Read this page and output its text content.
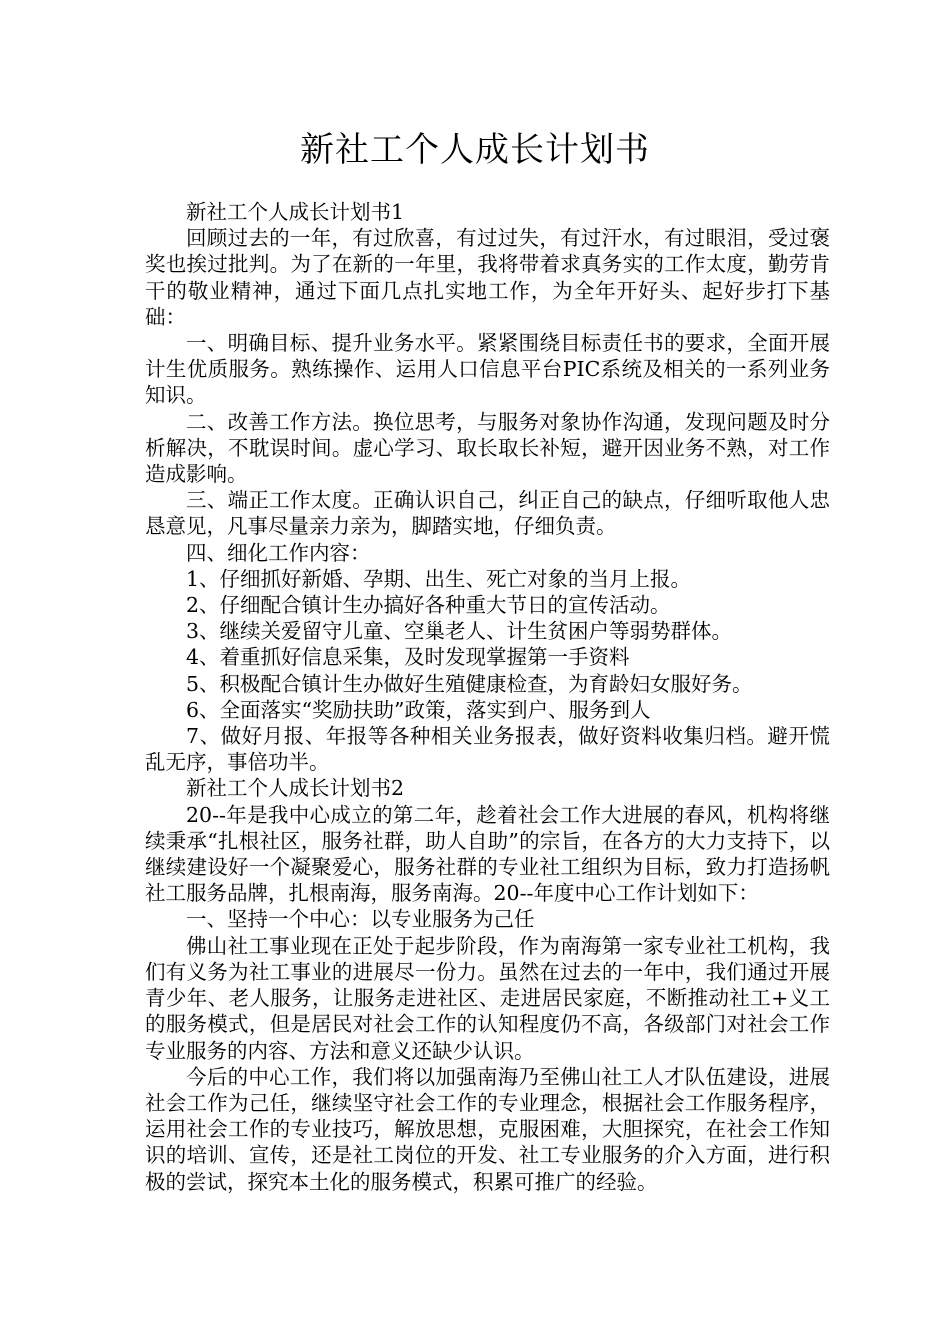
新社工个人成长计划书

新社工个人成长计划书1

回顾过去的一年，有过欣喜，有过过失，有过汗水，有过眼泪，受过褒奖也挨过批判。为了在新的一年里，我将带着求真务实的工作太度，勤劳肯干的敬业精神，通过下面几点扎实地工作，为全年开好头、起好步打下基础：

一、明确目标、提升业务水平。紧紧围绕目标责任书的要求，全面开展计生优质服务。熟练操作、运用人口信息平台PIC系统及相关的一系列业务知识。

二、改善工作方法。换位思考，与服务对象协作沟通，发现问题及时分析解决，不耽误时间。虚心学习、取长取长补短，避开因业务不熟，对工作造成影响。

三、端正工作太度。正确认识自己，纠正自己的缺点，仔细听取他人忠恳意见，凡事尽量亲力亲为，脚踏实地，仔细负责。

四、细化工作内容：

1、仔细抓好新婚、孕期、出生、死亡对象的当月上报。

2、仔细配合镇计生办搞好各种重大节日的宣传活动。

3、继续关爱留守儿童、空巢老人、计生贫困户等弱势群体。

4、着重抓好信息采集，及时发现掌握第一手资料

5、积极配合镇计生办做好生殖健康检查，为育龄妇女服好务。

6、全面落实“奖励扶助”政策，落实到户、服务到人

7、做好月报、年报等各种相关业务报表，做好资料收集归档。避开慌乱无序，事倍功半。

新社工个人成长计划书2

20--年是我中心成立的第二年，趁着社会工作大进展的春风，机构将继续秉承“扎根社区，服务社群，助人自助”的宗旨，在各方的大力支持下，以继续建设好一个凝聚爱心，服务社群的专业社工组织为目标，致力打造扬帆社工服务品牌，扎根南海，服务南海。20--年度中心工作计划如下：

一、坚持一个中心：以专业服务为己任

佛山社工事业现在正处于起步阶段，作为南海第一家专业社工机构，我们有义务为社工事业的进展尽一份力。虽然在过去的一年中，我们通过开展青少年、老人服务，让服务走进社区、走进居民家庭，不断推动社工+义工的服务模式，但是居民对社会工作的认知程度仍不高，各级部门对社会工作专业服务的内容、方法和意义还缺少认识。

今后的中心工作，我们将以加强南海乃至佛山社工人才队伍建设，进展社会工作为己任，继续坚守社会工作的专业理念，根据社会工作服务程序，运用社会工作的专业技巧，解放思想，克服困难，大胆探究，在社会工作知识的培训、宣传，还是社工岗位的开发、社工专业服务的介入方面，进行积极的尝试，探究本土化的服务模式，积累可推广的经验。
